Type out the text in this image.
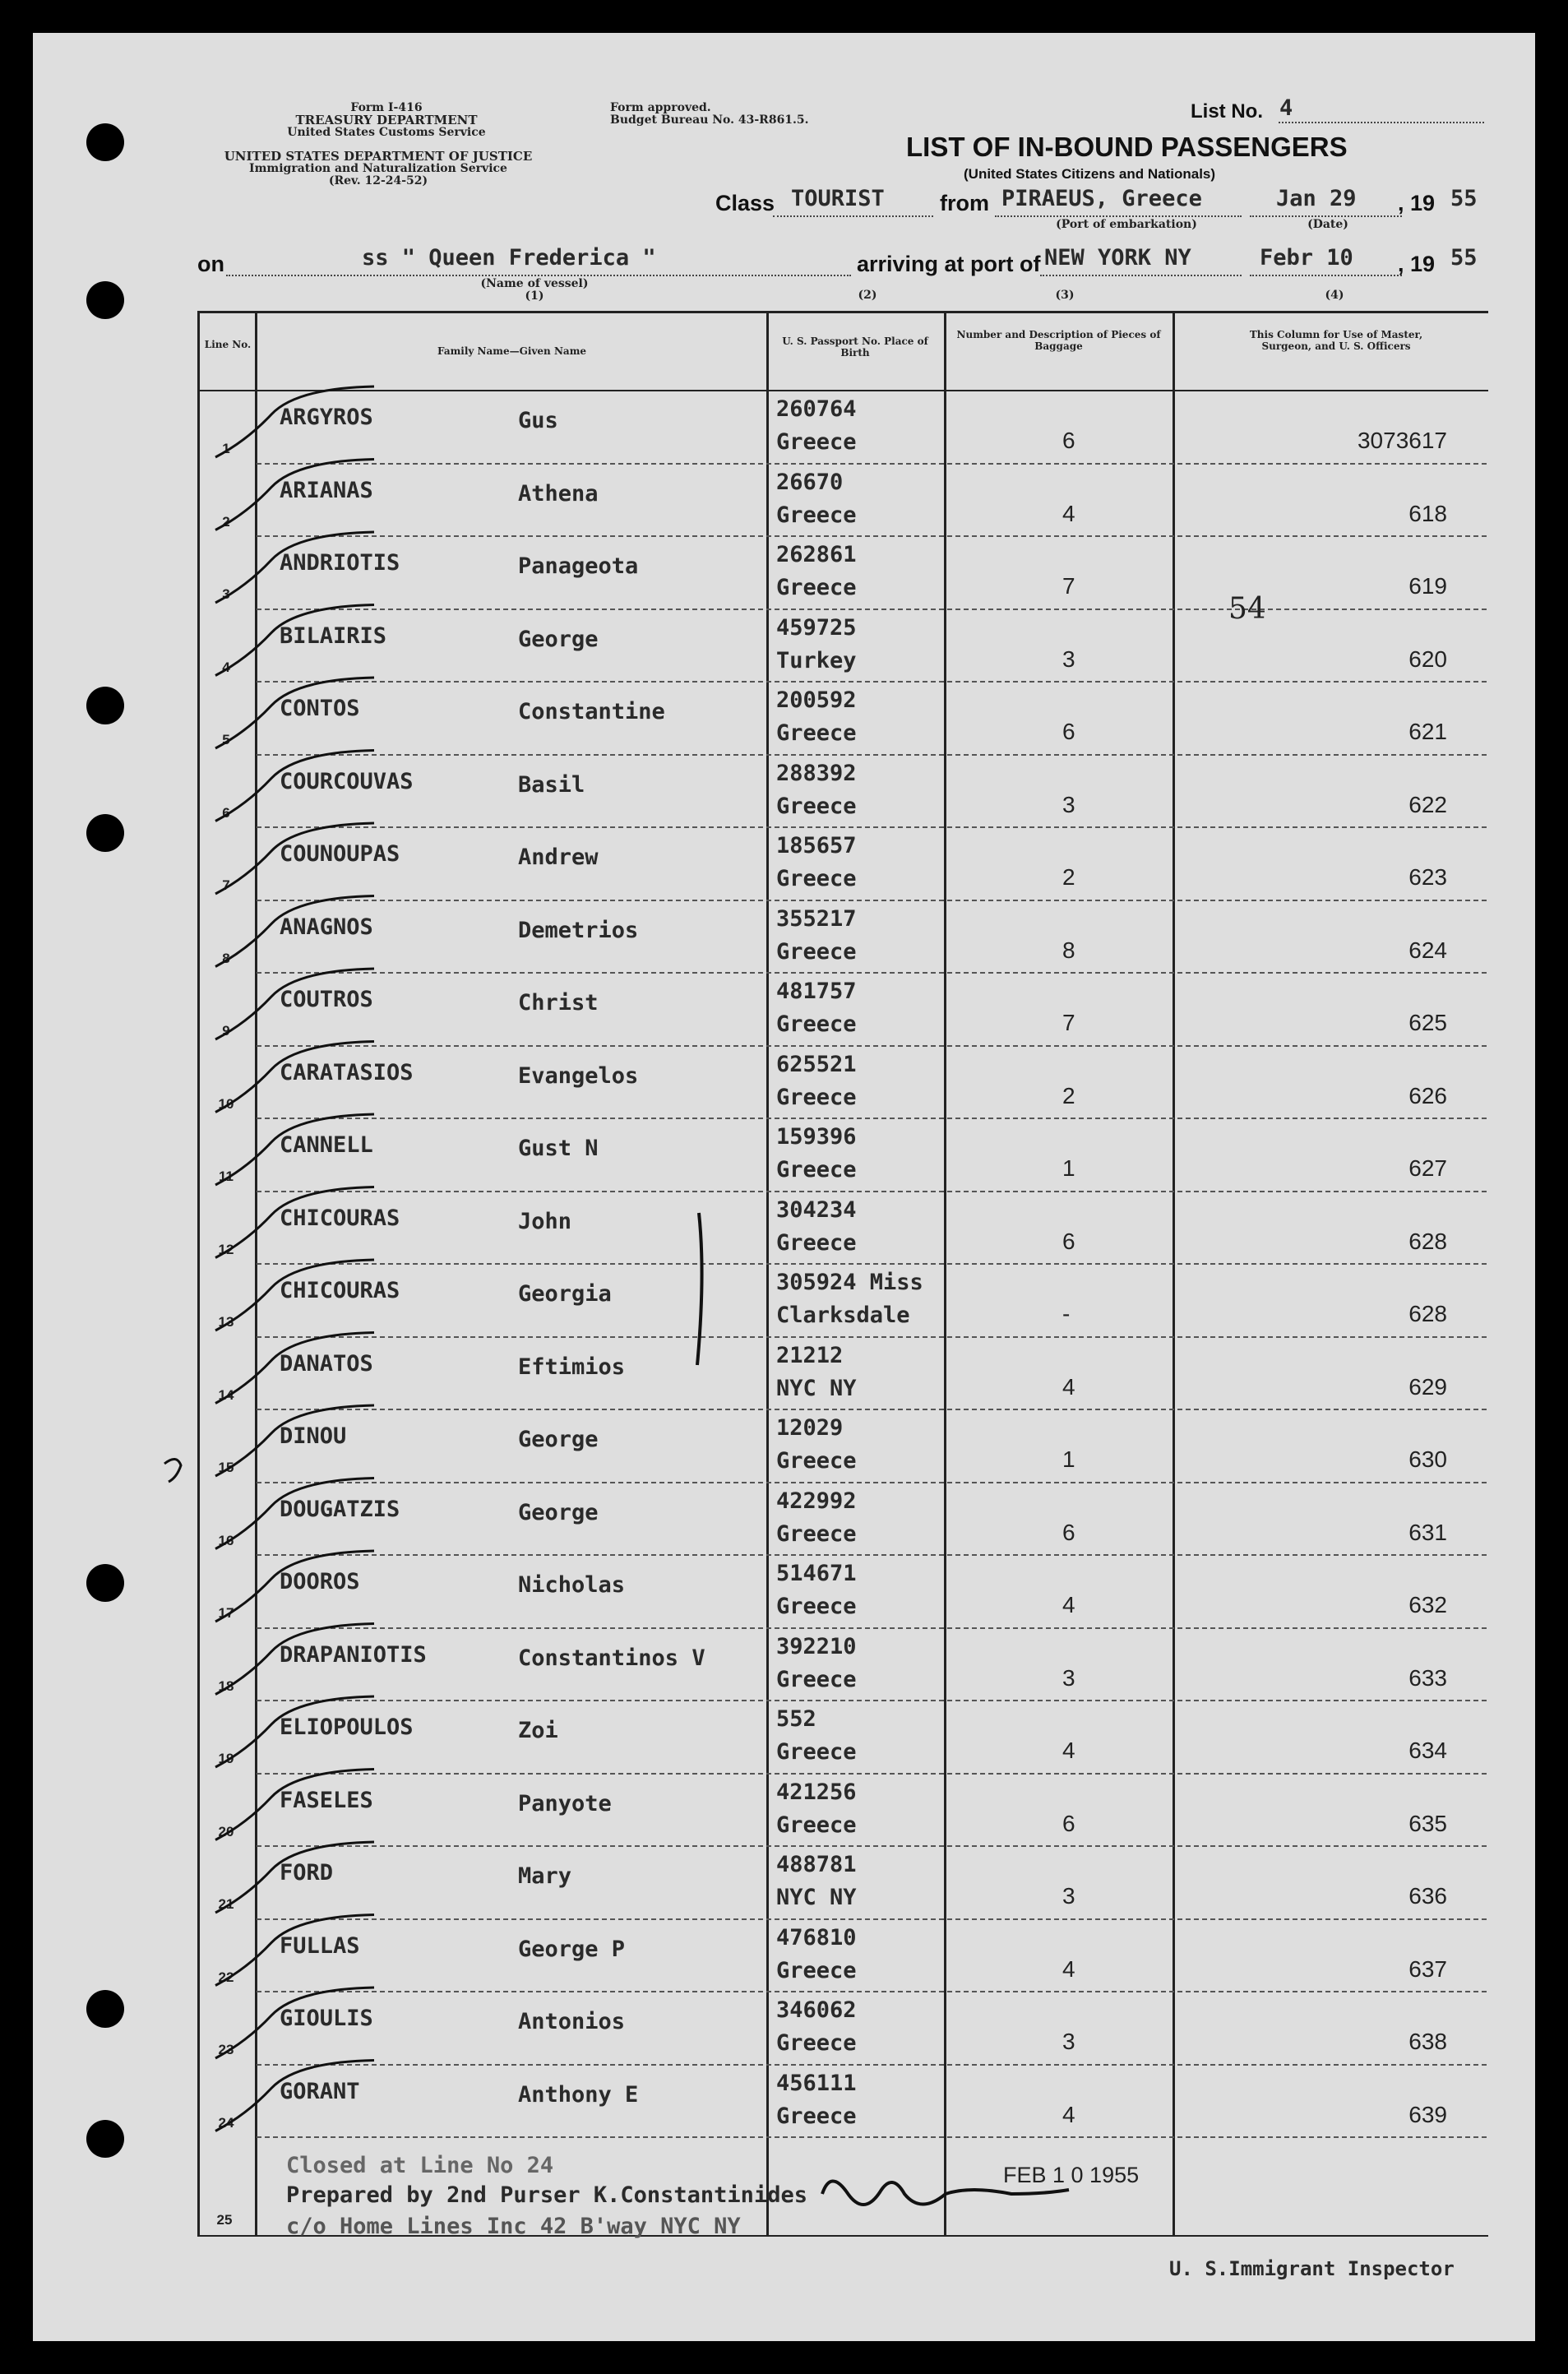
Form I-416
TREASURY DEPARTMENT
United States Customs Service
Form approved.
Budget Bureau No. 43-R861.5.
UNITED STATES DEPARTMENT OF JUSTICE
Immigration and Naturalization Service
(Rev. 12-24-52)
List No. 4
LIST OF IN-BOUND PASSENGERS
(United States Citizens and Nationals)
Class TOURIST from PIRAEUS, Greece	Jan 29 , 19 55
(Port of embarkation)	(Date)
on	ss " Queen Frederica "
(Name of vessel)
(1)	(2)
arriving at port of NEW YORK NY
(3)
Febr 10
(4)
, 19 55
Line No.
Family Name—Given Name
U. S. Passport No. Place of Birth
Number and Description of Pieces of Baggage
This Column for Use of Master, Surgeon, and U. S. Officers
1
ARGYROS	Gus	260764
Greece	6	3073617
2
ARIANAS	Athena	26670
Greece	4	618
3
ANDRIOTIS	Panageota	262861
Greece	7	619
4
BILAIRIS	George	459725
Turkey	3	620
5
CONTOS	Constantine	200592
Greece	6	621
6
COURCOUVAS	Basil	288392
Greece	3	622
7
COUNOUPAS	Andrew	185657
Greece	2	623
8
ANAGNOS	Demetrios	355217
Greece	8	624
9
COUTROS	Christ	481757
Greece	7	625
10
CARATASIOS	Evangelos	625521
Greece	2	626
11
CANNELL	Gust N	159396
Greece	1	627
12
CHICOURAS	John	304234
Greece	6	628
13
CHICOURAS	Georgia	305924 Miss
Clarksdale	-	628
14
DANATOS	Eftimios	21212
NYC NY	4	629
15
DINOU	George	12029
Greece	1	630
16
DOUGATZIS	George	422992
Greece	6	631
17
DOOROS	Nicholas	514671
Greece	4	632
18
DRAPANIOTIS	Constantinos V	392210
Greece	3	633
19
ELIOPOULOS	Zoi	552
Greece	4	634
20
FASELES	Panyote	421256
Greece	6	635
21
FORD	Mary	488781
NYC NY	3	636
22
FULLAS	George P	476810
Greece	4	637
23
GIOULIS	Antonios	346062
Greece	3	638
24
GORANT	Anthony E	456111
Greece	4	639
54
25
Closed at Line No 24
Prepared by 2nd Purser K.Constantinides
c/o Home Lines Inc 42 B'way NYC NY
FEB 1 0 1955
U. S.Immigrant Inspector
